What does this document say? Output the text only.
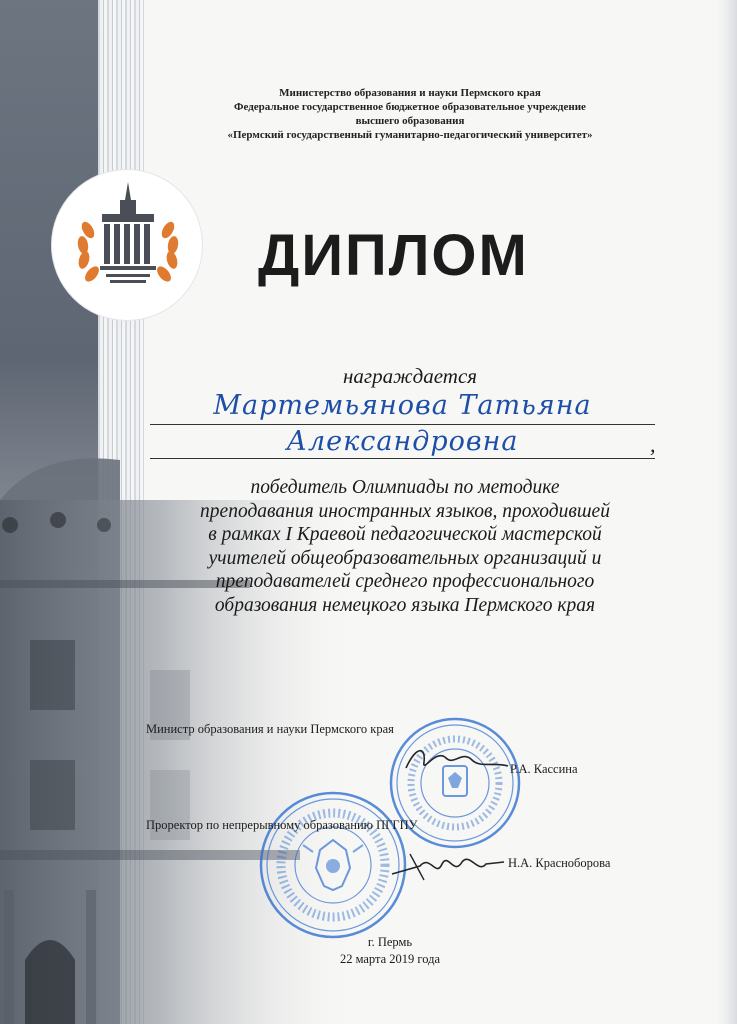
Министерство образования и науки Пермского края
Федеральное государственное бюджетное образовательное учреждение
высшего образования
«Пермский государственный гуманитарно-педагогический университет»
ДИПЛОМ
награждается
Мартемьянова Татьяна
Александровна	,
победитель Олимпиады по методике
преподавания иностранных языков, проходившей
в рамках I Краевой педагогической мастерской
учителей общеобразовательных организаций и
преподавателей среднего профессионального
образования немецкого языка Пермского края
Министр образования и науки Пермского края
Р.А. Кассина
Проректор по непрерывному образованию ПГГПУ
Н.А. Красноборова
г. Пермь
22 марта 2019 года
